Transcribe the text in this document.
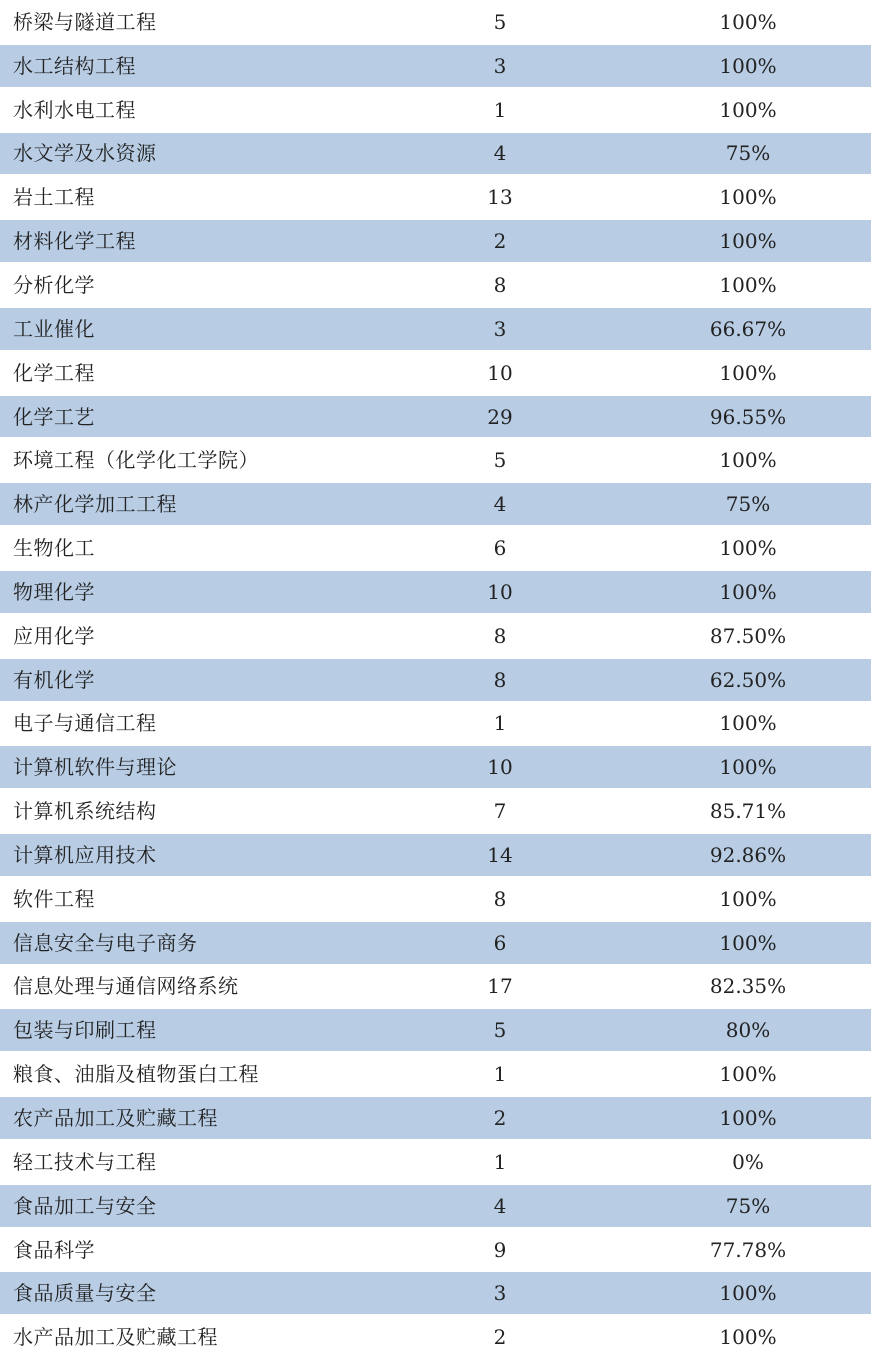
桥梁与隧道工程	5	100%
水工结构工程	3	100%
水利水电工程	1	100%
水文学及水资源	4	75%
岩土工程	13	100%
材料化学工程	2	100%
分析化学	8	100%
工业催化	3	66.67%
化学工程	10	100%
化学工艺	29	96.55%
环境工程（化学化工学院）	5	100%
林产化学加工工程	4	75%
生物化工	6	100%
物理化学	10	100%
应用化学	8	87.50%
有机化学	8	62.50%
电子与通信工程	1	100%
计算机软件与理论	10	100%
计算机系统结构	7	85.71%
计算机应用技术	14	92.86%
软件工程	8	100%
信息安全与电子商务	6	100%
信息处理与通信网络系统	17	82.35%
包装与印刷工程	5	80%
粮食、油脂及植物蛋白工程	1	100%
农产品加工及贮藏工程	2	100%
轻工技术与工程	1	0%
食品加工与安全	4	75%
食品科学	9	77.78%
食品质量与安全	3	100%
水产品加工及贮藏工程	2	100%
